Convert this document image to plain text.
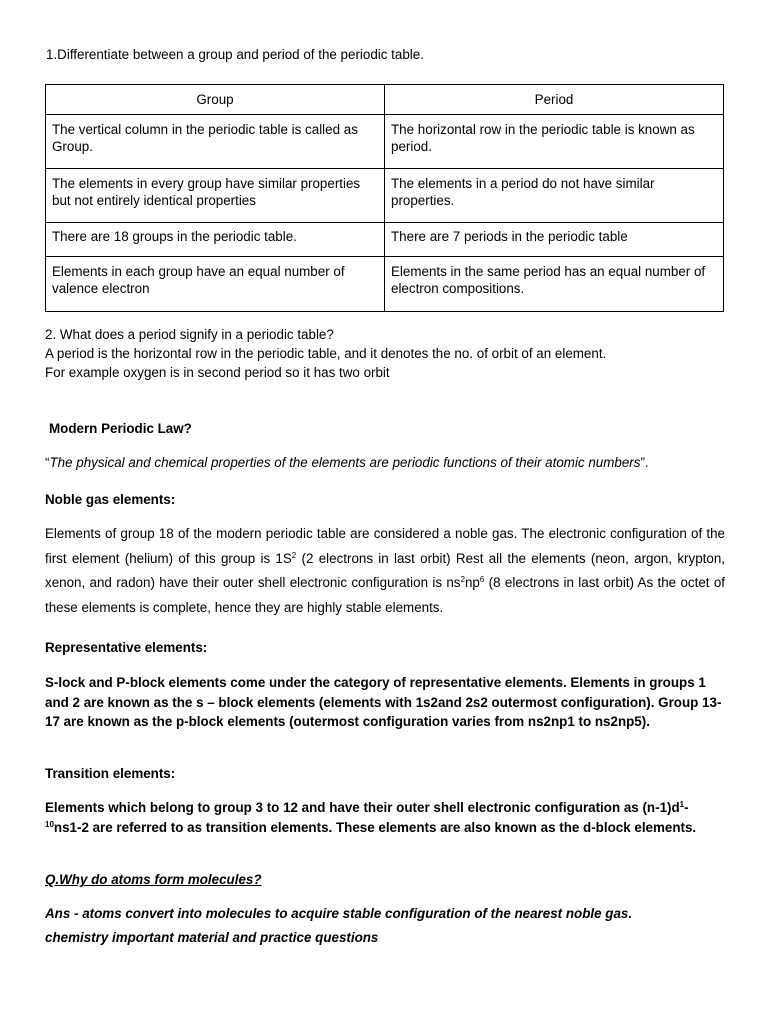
1.Differentiate between a group and period of the periodic table.
Group	Period
The vertical column in the periodic table is called as Group.	The horizontal row in the periodic table is known as period.
The elements in every group have similar properties but not entirely identical properties	The elements in a period do not have similar properties.
There are 18 groups in the periodic table.	There are 7 periods in the periodic table
Elements in each group have an equal number of valence electron	Elements in the same period has an equal number of electron compositions.

2. What does a period signify in a periodic table?

A period is the horizontal row in the periodic table, and it denotes the no. of orbit of an element.

For example oxygen is in second period so it has two orbit

Modern Periodic Law?

“The physical and chemical properties of the elements are periodic functions of their atomic numbers”.

Noble gas elements:

Elements of group 18 of the modern periodic table are considered a noble gas. The electronic configuration of the first element (helium) of this group is $1S^2$ (2 electrons in last orbit) Rest all the elements (neon, argon, krypton, xenon, and radon) have their outer shell electronic configuration is $ns^2np^6$ (8 electrons in last orbit) As the octet of these elements is complete, hence they are highly stable elements.

Representative elements:

S-lock and P-block elements come under the category of representative elements. Elements in groups 1 and 2 are known as the s – block elements (elements with 1s2and 2s2 outermost configuration). Group 13-17 are known as the p-block elements (outermost configuration varies from ns2np1 to ns2np5).

Transition elements:

Elements which belong to group 3 to 12 and have their outer shell electronic configuration as $(n-1)d^1-^{10}ns1-2$ are referred to as transition elements. These elements are also known as the d-block elements.

Q.Why do atoms form molecules?

Ans - atoms convert into molecules to acquire stable configuration of the nearest noble gas.

chemistry important material and practice questions
